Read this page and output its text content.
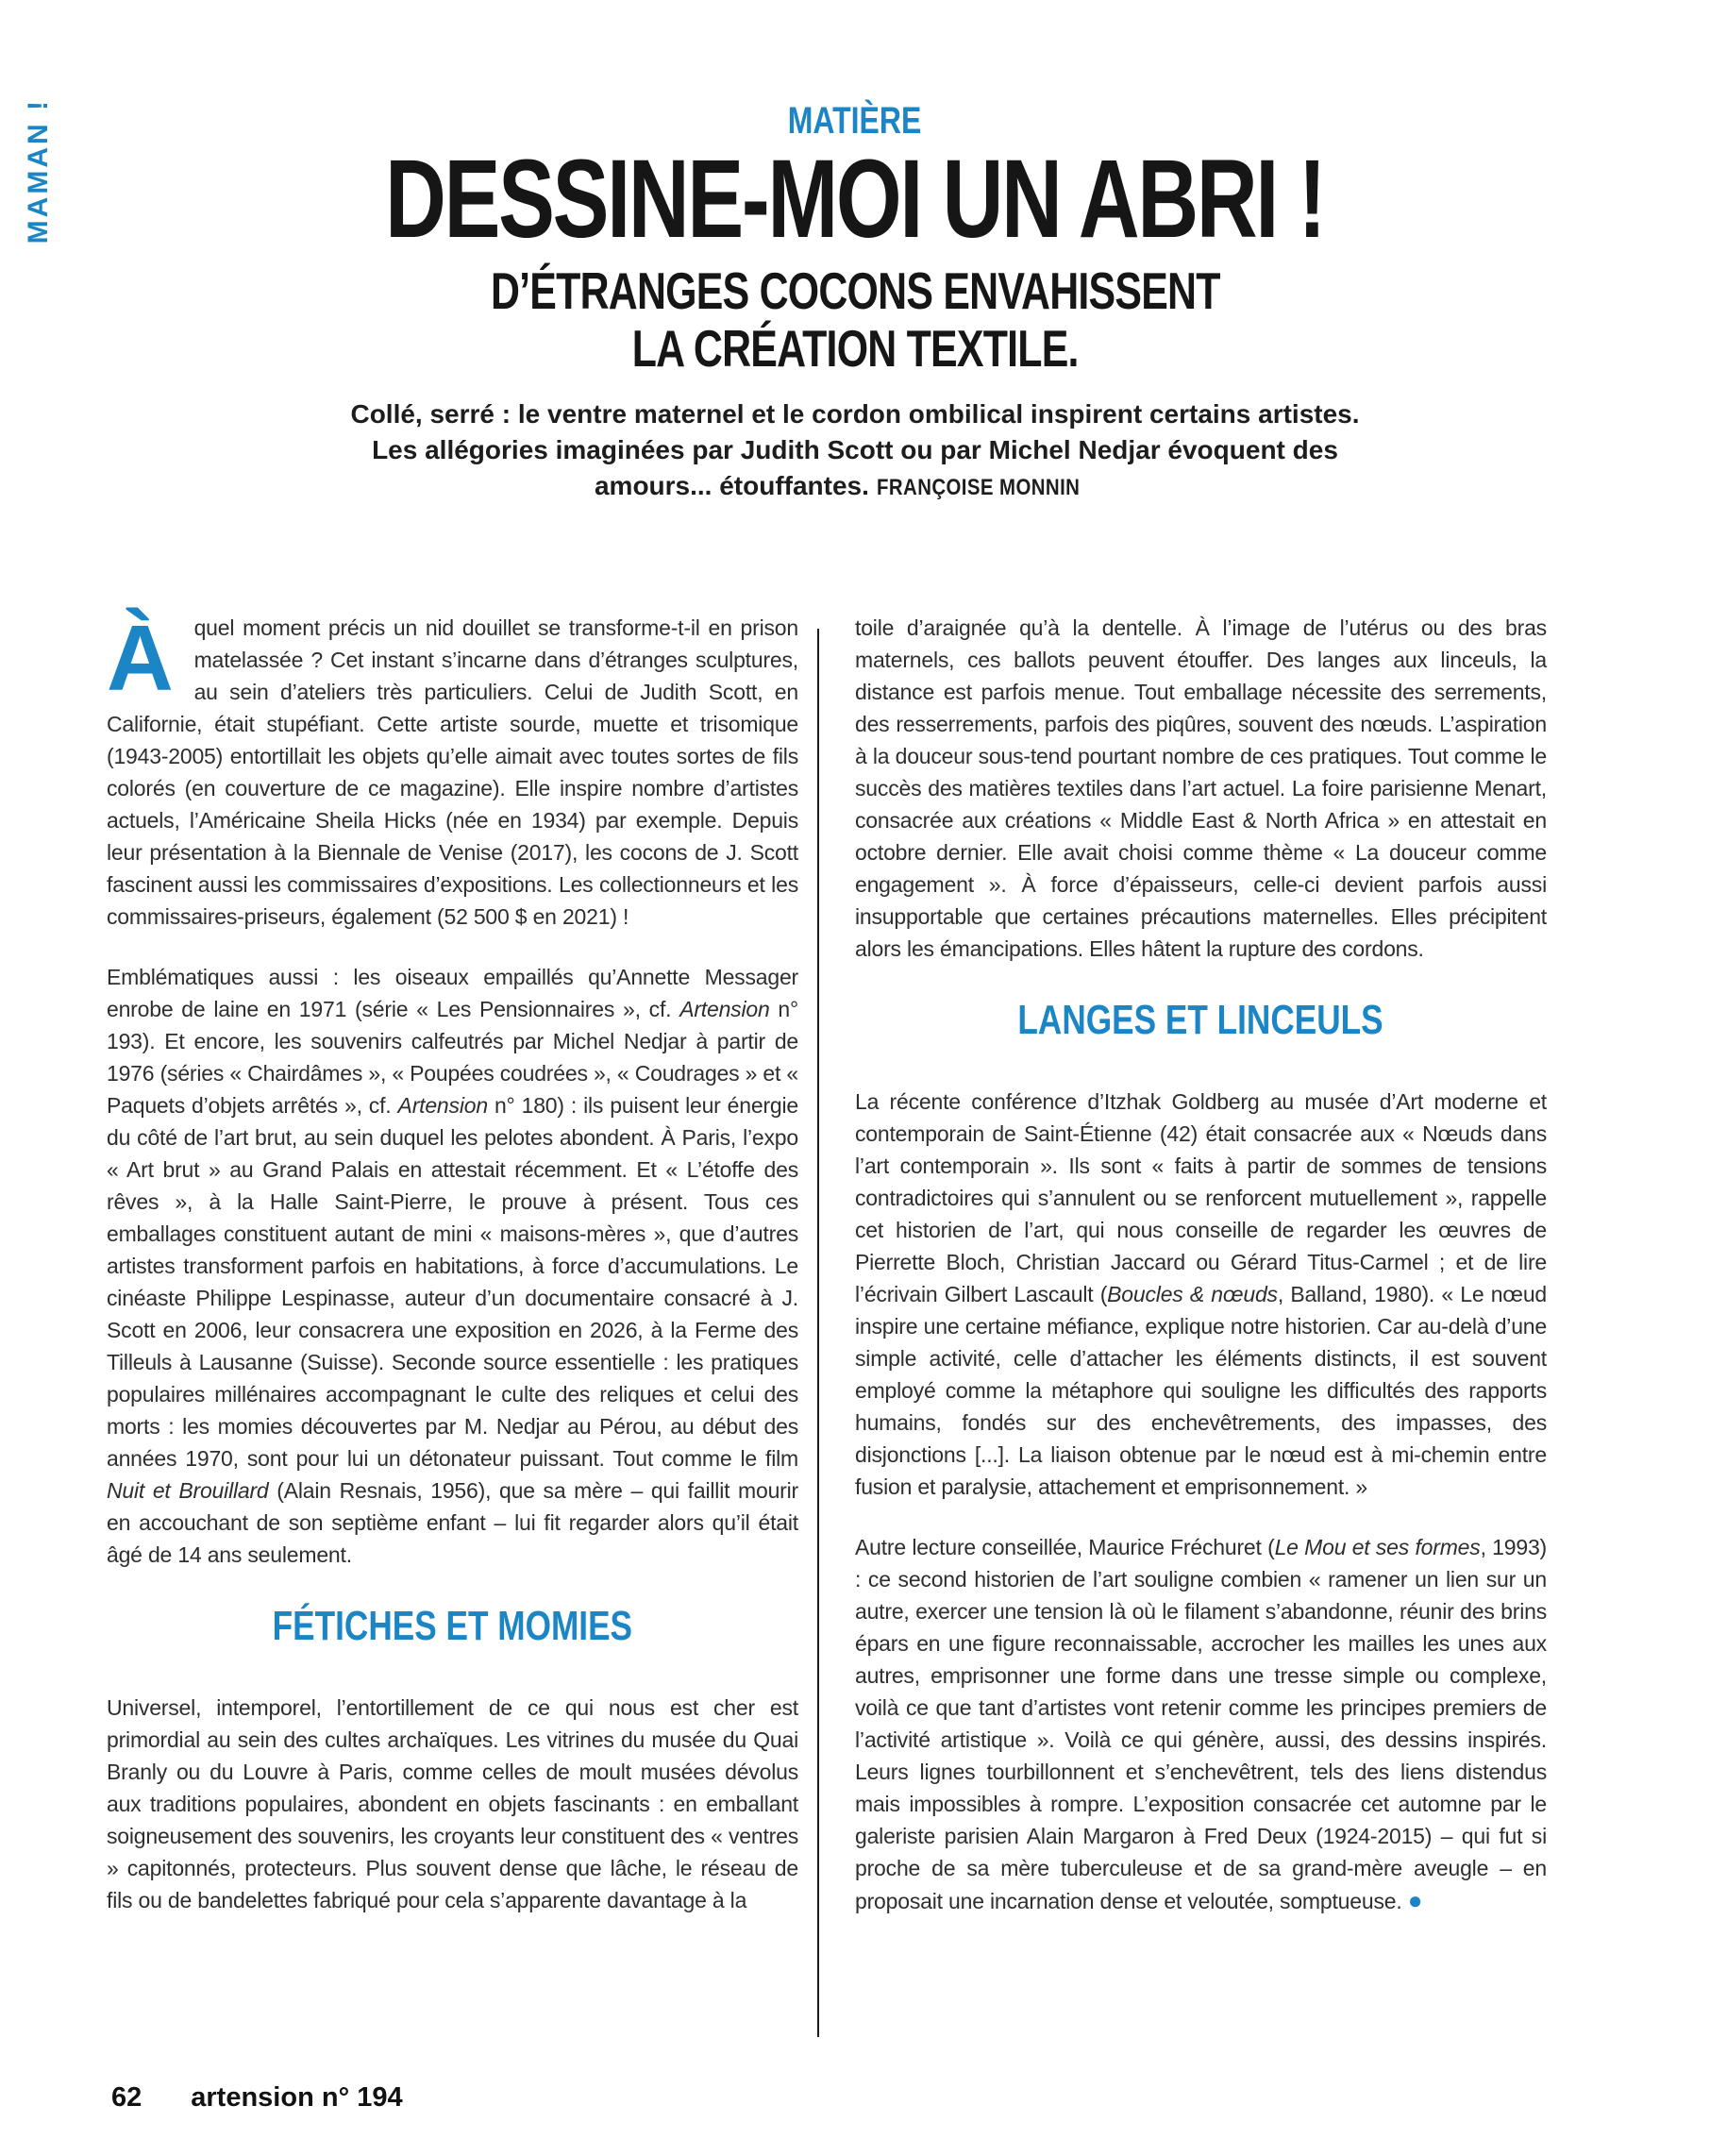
MAMAN !	MATIÈRE
DESSINE-MOI UN ABRI !
D’ÉTRANGES COCONS ENVAHISSENT
LA CRÉATION TEXTILE.

Collé, serré : le ventre maternel et le cordon ombilical inspirent certains artistes. Les allégories imaginées par Judith Scott ou par Michel Nedjar évoquent des amours... étouffantes. FRANÇOISE MONNIN

Àquel moment précis un nid douillet se transforme-t-il en prison matelassée ? Cet instant s’incarne dans d’étranges sculptures, au sein d’ateliers très particuliers. Celui de Judith Scott, en Californie, était stupéfiant. Cette artiste sourde, muette et trisomique (1943-2005) entortillait les objets qu’elle aimait avec toutes sortes de fils colorés (en couverture de ce magazine). Elle inspire nombre d’artistes actuels, l’Américaine Sheila Hicks (née en 1934) par exemple. Depuis leur présentation à la Biennale de Venise (2017), les cocons de J. Scott fascinent aussi les commissaires d’expositions. Les collectionneurs et les commissaires-priseurs, également (52 500 $ en 2021) !

Emblématiques aussi : les oiseaux empaillés qu’Annette Messager enrobe de laine en 1971 (série « Les Pensionnaires », cf. Artension n° 193). Et encore, les souvenirs calfeutrés par Michel Nedjar à partir de 1976 (séries « Chairdâmes », « Poupées coudrées », « Coudrages » et « Paquets d’objets arrêtés », cf. Artension n° 180) : ils puisent leur énergie du côté de l’art brut, au sein duquel les pelotes abondent. À Paris, l’expo « Art brut » au Grand Palais en attestait récemment. Et « L’étoffe des rêves », à la Halle Saint-Pierre, le prouve à présent. Tous ces emballages constituent autant de mini « maisons-mères », que d’autres artistes transforment parfois en habitations, à force d’accumulations. Le cinéaste Philippe Lespinasse, auteur d’un documentaire consacré à J. Scott en 2006, leur consacrera une exposition en 2026, à la Ferme des Tilleuls à Lausanne (Suisse). Seconde source essentielle : les pratiques populaires millénaires accompagnant le culte des reliques et celui des morts : les momies découvertes par M. Nedjar au Pérou, au début des années 1970, sont pour lui un détonateur puissant. Tout comme le film Nuit et Brouillard (Alain Resnais, 1956), que sa mère – qui faillit mourir en accouchant de son septième enfant – lui fit regarder alors qu’il était âgé de 14 ans seulement.

FÉTICHES ET MOMIES

Universel, intemporel, l’entortillement de ce qui nous est cher est primordial au sein des cultes archaïques. Les vitrines du musée du Quai Branly ou du Louvre à Paris, comme celles de moult musées dévolus aux traditions populaires, abondent en objets fascinants : en emballant soigneusement des souvenirs, les croyants leur constituent des « ventres » capitonnés, protecteurs. Plus souvent dense que lâche, le réseau de fils ou de bandelettes fabriqué pour cela s’apparente davantage à la

toile d’araignée qu’à la dentelle. À l’image de l’utérus ou des bras maternels, ces ballots peuvent étouffer. Des langes aux linceuls, la distance est parfois menue. Tout emballage nécessite des serrements, des resserrements, parfois des piqûres, souvent des nœuds. L’aspiration à la douceur sous-tend pourtant nombre de ces pratiques. Tout comme le succès des matières textiles dans l’art actuel. La foire parisienne Menart, consacrée aux créations « Middle East & North Africa » en attestait en octobre dernier. Elle avait choisi comme thème « La douceur comme engagement ». À force d’épaisseurs, celle-ci devient parfois aussi insupportable que certaines précautions maternelles. Elles précipitent alors les émancipations. Elles hâtent la rupture des cordons.

LANGES ET LINCEULS

La récente conférence d’Itzhak Goldberg au musée d’Art moderne et contemporain de Saint-Étienne (42) était consacrée aux « Nœuds dans l’art contemporain ». Ils sont « faits à partir de sommes de tensions contradictoires qui s’annulent ou se renforcent mutuellement », rappelle cet historien de l’art, qui nous conseille de regarder les œuvres de Pierrette Bloch, Christian Jaccard ou Gérard Titus-Carmel ; et de lire l’écrivain Gilbert Lascault (Boucles & nœuds, Balland, 1980). « Le nœud inspire une certaine méfiance, explique notre historien. Car au-delà d’une simple activité, celle d’attacher les éléments distincts, il est souvent employé comme la métaphore qui souligne les difficultés des rapports humains, fondés sur des enchevêtrements, des impasses, des disjonctions [...]. La liaison obtenue par le nœud est à mi-chemin entre fusion et paralysie, attachement et emprisonnement. »

Autre lecture conseillée, Maurice Fréchuret (Le Mou et ses formes, 1993) : ce second historien de l’art souligne combien « ramener un lien sur un autre, exercer une tension là où le filament s’abandonne, réunir des brins épars en une figure reconnaissable, accrocher les mailles les unes aux autres, emprisonner une forme dans une tresse simple ou complexe, voilà ce que tant d’artistes vont retenir comme les principes premiers de l’activité artistique ». Voilà ce qui génère, aussi, des dessins inspirés. Leurs lignes tourbillonnent et s’enchevêtrent, tels des liens distendus mais impossibles à rompre. L’exposition consacrée cet automne par le galeriste parisien Alain Margaron à Fred Deux (1924-2015) – qui fut si proche de sa mère tuberculeuse et de sa grand-mère aveugle – en proposait une incarnation dense et veloutée, somptueuse. ●

62 artension n° 194
